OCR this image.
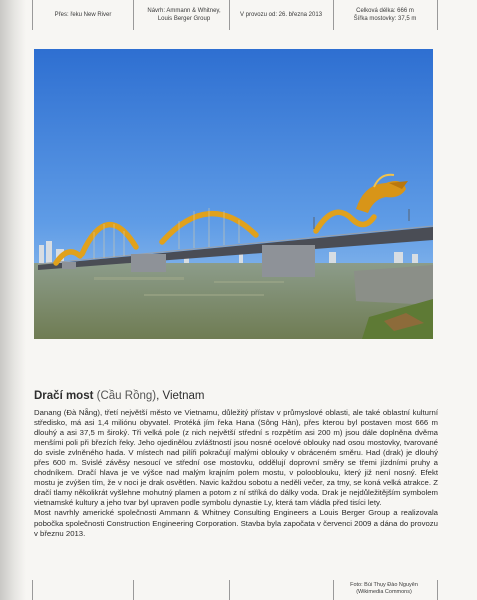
Přes: řeku New River
Návrh: Ammann & Whitney, Louis Berger Group
V provozu od: 26. března 2013
Celková délka: 666 m
Šířka mostovky: 37,5 m
Dračí most (Cầu Rồng), Vietnam

Danang (Đà Nẵng), třetí největší město ve Vietnamu, důležitý přístav v průmyslové oblasti, ale také oblastní kulturní středisko, má asi 1,4 miliónu obyvatel. Protéká jím řeka Hana (Sông Hàn), přes kterou byl postaven most 666 m dlouhý a asi 37,5 m široký. Tři velká pole (z nich největší střední s rozpětím asi 200 m) jsou dále doplněna dvěma menšími poli při březích řeky. Jeho ojedinělou zvláštností jsou nosné ocelové oblouky nad osou mostovky, tvarované do svisle zvlněného hada. V místech nad pilíři pokračují malými oblouky v obráceném směru. Had (drak) je dlouhý přes 600 m. Svislé závěsy nesoucí ve střední ose mostovku, oddělují doprovní směry se třemi jízdními pruhy a chodníkem. Dračí hlava je ve výšce nad malým krajním polem mostu, v polooblouku, který již není nosný. Efekt mostu je zvýšen tím, že v noci je drak osvětlen. Navic každou sobotu a neděli večer, za tmy, se koná velká atrakce. Z dračí tlamy několikrát vyšlehne mohutný plamen a potom z ní stříká do dálky voda. Drak je nejdůležitějším symbolem vietnamské kultury a jeho tvar byl upraven podle symbolu dynastie Ly, která tam vládla před tisíci lety.

Most navrhly americké společnosti Ammann & Whitney Consulting Engineers a Louis Berger Group a realizovala pobočka společnosti Construction Engineering Corporation. Stavba byla započata v červenci 2009 a dána do provozu v březnu 2013.

Foto: Bùi Thụy Đào Nguyên
(Wikimedia Commons)
